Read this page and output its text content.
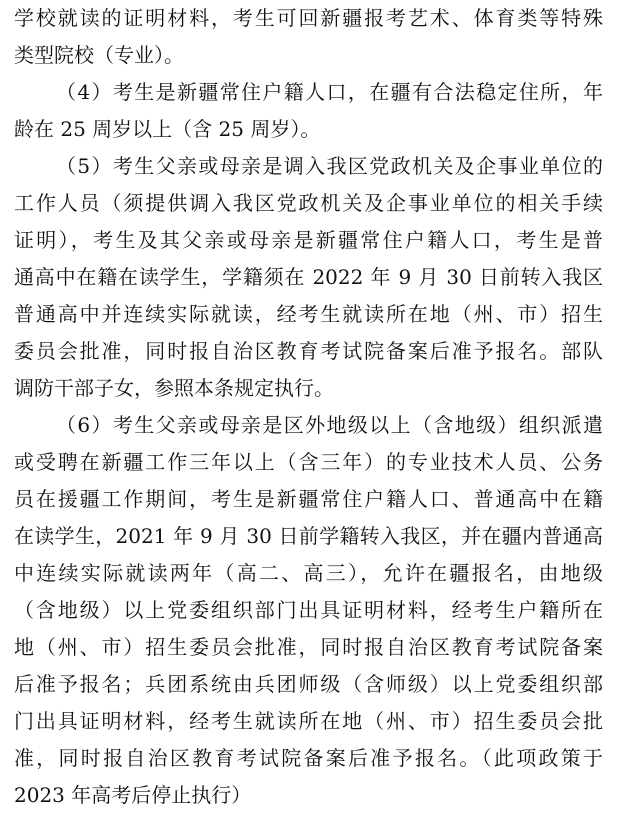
学校就读的证明材料，考生可回新疆报考艺术、体育类等特殊
类型院校（专业）。
（4）考生是新疆常住户籍人口，在疆有合法稳定住所，年
龄在 25 周岁以上（含 25 周岁）。
（5）考生父亲或母亲是调入我区党政机关及企事业单位的
工作人员（须提供调入我区党政机关及企事业单位的相关手续
证明），考生及其父亲或母亲是新疆常住户籍人口，考生是普
通高中在籍在读学生，学籍须在 2022 年 9 月 30 日前转入我区
普通高中并连续实际就读，经考生就读所在地（州、市）招生
委员会批准，同时报自治区教育考试院备案后准予报名。部队
调防干部子女，参照本条规定执行。
（6）考生父亲或母亲是区外地级以上（含地级）组织派遣
或受聘在新疆工作三年以上（含三年）的专业技术人员、公务
员在援疆工作期间，考生是新疆常住户籍人口、普通高中在籍
在读学生，2021 年 9 月 30 日前学籍转入我区，并在疆内普通高
中连续实际就读两年（高二、高三），允许在疆报名，由地级
（含地级）以上党委组织部门出具证明材料，经考生户籍所在
地（州、市）招生委员会批准，同时报自治区教育考试院备案
后准予报名；兵团系统由兵团师级（含师级）以上党委组织部
门出具证明材料，经考生就读所在地（州、市）招生委员会批
准，同时报自治区教育考试院备案后准予报名。（此项政策于
2023 年高考后停止执行）
